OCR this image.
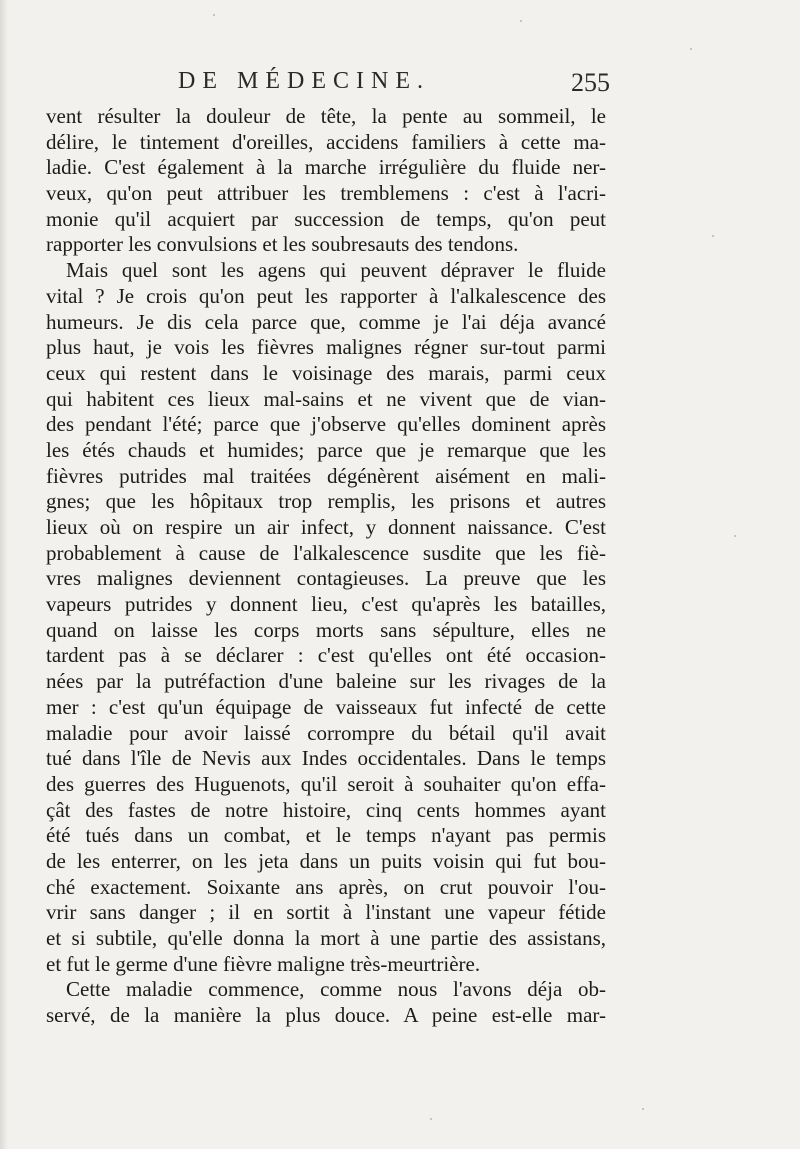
DE MÉDECINE.	255
vent résulter la douleur de tête, la pente au sommeil, le
délire, le tintement d'oreilles, accidens familiers à cette ma-
ladie. C'est également à la marche irrégulière du fluide ner-
veux, qu'on peut attribuer les tremblemens : c'est à l'acri-
monie qu'il acquiert par succession de temps, qu'on peut
rapporter les convulsions et les soubresauts des tendons.
Mais quel sont les agens qui peuvent dépraver le fluide
vital ? Je crois qu'on peut les rapporter à l'alkalescence des
humeurs. Je dis cela parce que, comme je l'ai déja avancé
plus haut, je vois les fièvres malignes régner sur-tout parmi
ceux qui restent dans le voisinage des marais, parmi ceux
qui habitent ces lieux mal-sains et ne vivent que de vian-
des pendant l'été; parce que j'observe qu'elles dominent après
les étés chauds et humides; parce que je remarque que les
fièvres putrides mal traitées dégénèrent aisément en mali-
gnes; que les hôpitaux trop remplis, les prisons et autres
lieux où on respire un air infect, y donnent naissance. C'est
probablement à cause de l'alkalescence susdite que les fiè-
vres malignes deviennent contagieuses. La preuve que les
vapeurs putrides y donnent lieu, c'est qu'après les batailles,
quand on laisse les corps morts sans sépulture, elles ne
tardent pas à se déclarer : c'est qu'elles ont été occasion-
nées par la putréfaction d'une baleine sur les rivages de la
mer : c'est qu'un équipage de vaisseaux fut infecté de cette
maladie pour avoir laissé corrompre du bétail qu'il avait
tué dans l'île de Nevis aux Indes occidentales. Dans le temps
des guerres des Huguenots, qu'il seroit à souhaiter qu'on effa-
çât des fastes de notre histoire, cinq cents hommes ayant
été tués dans un combat, et le temps n'ayant pas permis
de les enterrer, on les jeta dans un puits voisin qui fut bou-
ché exactement. Soixante ans après, on crut pouvoir l'ou-
vrir sans danger ; il en sortit à l'instant une vapeur fétide
et si subtile, qu'elle donna la mort à une partie des assistans,
et fut le germe d'une fièvre maligne très-meurtrière.
Cette maladie commence, comme nous l'avons déja ob-
servé, de la manière la plus douce. A peine est-elle mar-
